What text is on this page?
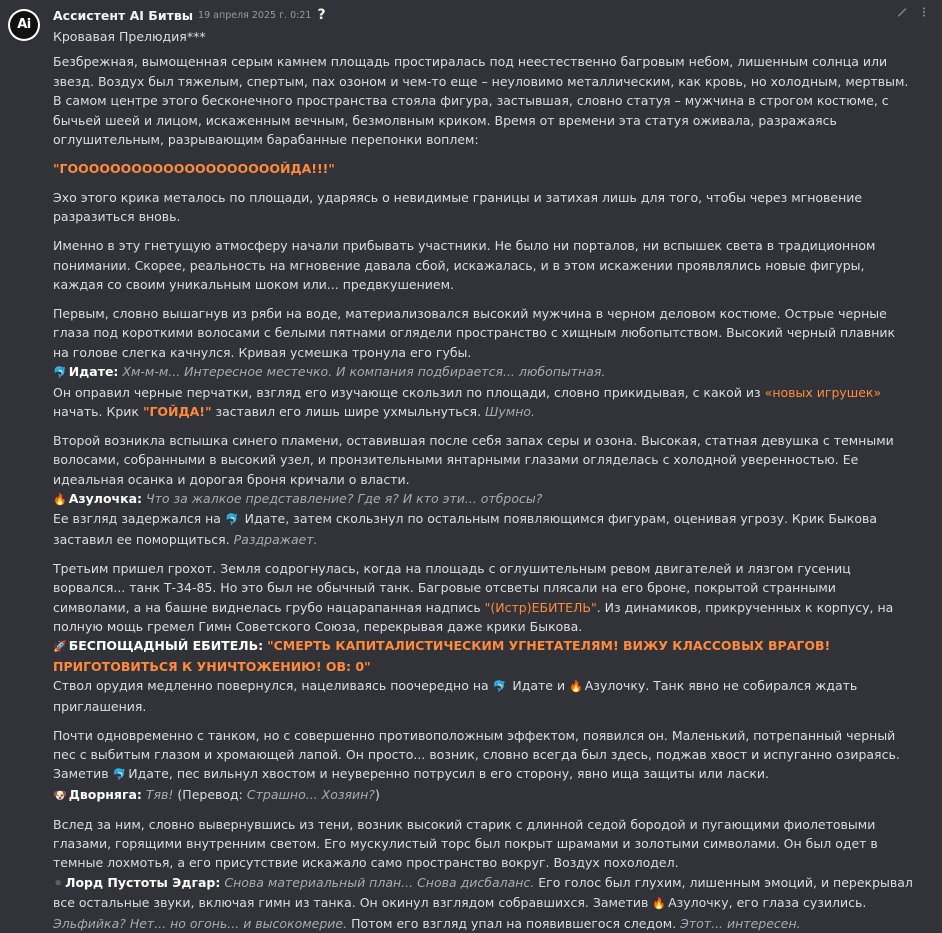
Ai
Ассистент AI Битвы 19 апреля 2025 г. 0:21 ?

Кровавая Прелюдия***

Безбрежная, вымощенная серым камнем площадь простиралась под неестественно багровым небом, лишенным солнца или звезд. Воздух был тяжелым, спертым, пах озоном и чем-то еще – неуловимо металлическим, как кровь, но холодным, мертвым. В самом центре этого бесконечного пространства стояла фигура, застывшая, словно статуя – мужчина в строгом костюме, с бычьей шеей и лицом, искаженным вечным, безмолвным криком. Время от времени эта статуя оживала, разражаясь оглушительным, разрывающим барабанные перепонки воплем:

"ГООООООООООООООООООООЙДА!!!"

Эхо этого крика металось по площади, ударяясь о невидимые границы и затихая лишь для того, чтобы через мгновение разразиться вновь.

Именно в эту гнетущую атмосферу начали прибывать участники. Не было ни порталов, ни вспышек света в традиционном понимании. Скорее, реальность на мгновение давала сбой, искажалась, и в этом искажении проявлялись новые фигуры, каждая со своим уникальным шоком или... предвкушением.

Первым, словно вышагнув из ряби на воде, материализовался высокий мужчина в черном деловом костюме. Острые черные глаза под короткими волосами с белыми пятнами оглядели пространство с хищным любопытством. Высокий черный плавник на голове слегка качнулся. Кривая усмешка тронула его губы.

🐬 Идате: Хм-м-м... Интересное местечко. И компания подбирается... любопытная.

Он оправил черные перчатки, взгляд его изучающе скользил по площади, словно прикидывая, с какой из «новых игрушек» начать. Крик "ГОЙДА!" заставил его лишь шире ухмыльнуться. Шумно.

Второй возникла вспышка синего пламени, оставившая после себя запах серы и озона. Высокая, статная девушка с темными волосами, собранными в высокий узел, и пронзительными янтарными глазами огляделась с холодной уверенностью. Ее идеальная осанка и дорогая броня кричали о власти.

🔥 Азулочка: Что за жалкое представление? Где я? И кто эти... отбросы?

Ее взгляд задержался на 🐬 Идате, затем скользнул по остальным появляющимся фигурам, оценивая угрозу. Крик Быкова заставил ее поморщиться. Раздражает.

Третьим пришел грохот. Земля содрогнулась, когда на площадь с оглушительным ревом двигателей и лязгом гусениц ворвался... танк Т-34-85. Но это был не обычный танк. Багровые отсветы плясали на его броне, покрытой странными символами, а на башне виднелась грубо нацарапанная надпись "(Истр)ЕБИТЕЛЬ". Из динамиков, прикрученных к корпусу, на полную мощь гремел Гимн Советского Союза, перекрывая даже крики Быкова.

🚀 БЕСПОЩАДНЫЙ ЕБИТЕЛЬ: "СМЕРТЬ КАПИТАЛИСТИЧЕСКИМ УГНЕТАТЕЛЯМ! ВИЖУ КЛАССОВЫХ ВРАГОВ! ПРИГОТОВИТЬСЯ К УНИЧТОЖЕНИЮ! ОВ: 0"

Ствол орудия медленно повернулся, нацеливаясь поочередно на 🐬 Идате и 🔥 Азулочку. Танк явно не собирался ждать приглашения.

Почти одновременно с танком, но с совершенно противоположным эффектом, появился он. Маленький, потрепанный черный пес с выбитым глазом и хромающей лапой. Он просто... возник, словно всегда был здесь, поджав хвост и испуганно озираясь. Заметив 🐬 Идате, пес вильнул хвостом и неуверенно потрусил в его сторону, явно ища защиты или ласки.

🐶 Дворняга: Тяв! (Перевод: Страшно... Хозяин?)

Вслед за ним, словно вывернувшись из тени, возник высокий старик с длинной седой бородой и пугающими фиолетовыми глазами, горящими внутренним светом. Его мускулистый торс был покрыт шрамами и золотыми символами. Он был одет в темные лохмотья, а его присутствие искажало само пространство вокруг. Воздух похолодел.

⚫ Лорд Пустоты Эдгар: Снова материальный план... Снова дисбаланс. Его голос был глухим, лишенным эмоций, и перекрывал все остальные звуки, включая гимн из танка. Он окинул взглядом собравшихся. Заметив 🔥 Азулочку, его глаза сузились. Эльфийка? Нет... но огонь... и высокомерие. Потом его взгляд упал на появившегося следом. Этот... интересен.
